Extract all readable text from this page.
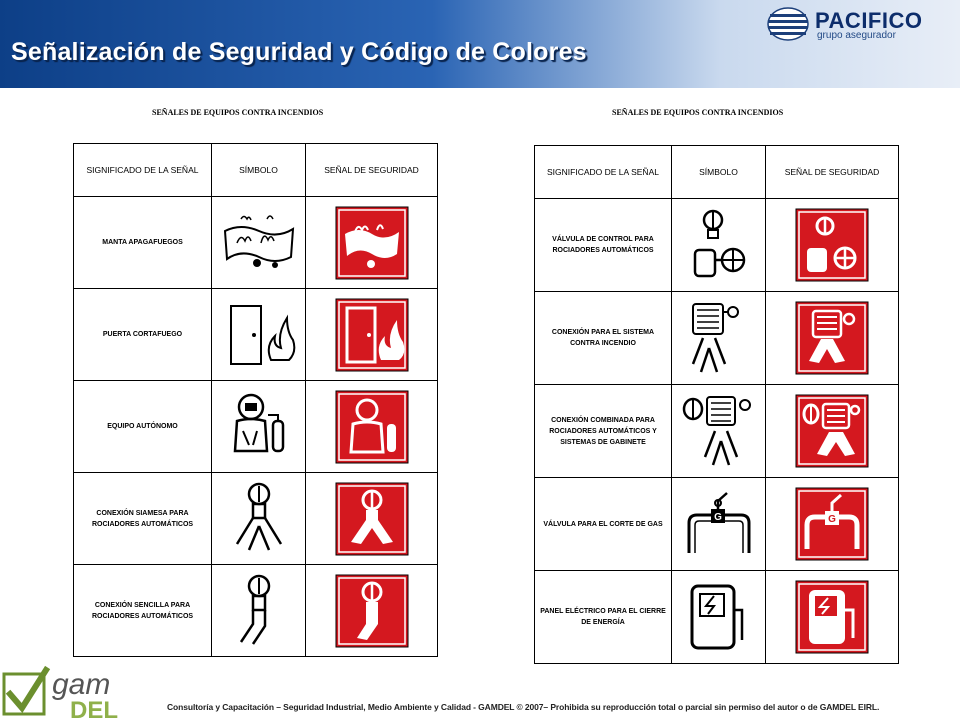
Señalización de Seguridad y Código de Colores
PACIFICO
grupo asegurador
SEÑALES DE EQUIPOS CONTRA INCENDIOS
SIGNIFICADO DE LA SEÑAL	SÍMBOLO	SEÑAL DE SEGURIDAD
MANTA APAGAFUEGOS	

PUERTA CORTAFUEGO	

EQUIPO AUTÓNOMO	

CONEXIÓN SIAMESA PARA ROCIADORES AUTOMÁTICOS	

CONEXIÓN SENCILLA PARA ROCIADORES AUTOMÁTICOS	

SEÑALES DE EQUIPOS CONTRA INCENDIOS
SIGNIFICADO DE LA SEÑAL	SÍMBOLO	SEÑAL DE SEGURIDAD
VÁLVULA DE CONTROL PARA ROCIADORES AUTOMÁTICOS	

CONEXIÓN PARA EL SISTEMA CONTRA INCENDIO	

CONEXIÓN COMBINADA PARA ROCIADORES AUTOMÁTICOS Y SISTEMAS DE GABINETE	

VÁLVULA PARA EL CORTE DE GAS	G	G

PANEL ELÉCTRICO PARA EL CIERRE DE ENERGÍA	

gam
DEL	Consultoría y Capacitación – Seguridad Industrial, Medio Ambiente y Calidad - GAMDEL © 2007– Prohibida su reproducción total o parcial sin permiso del autor o de GAMDEL EIRL.
